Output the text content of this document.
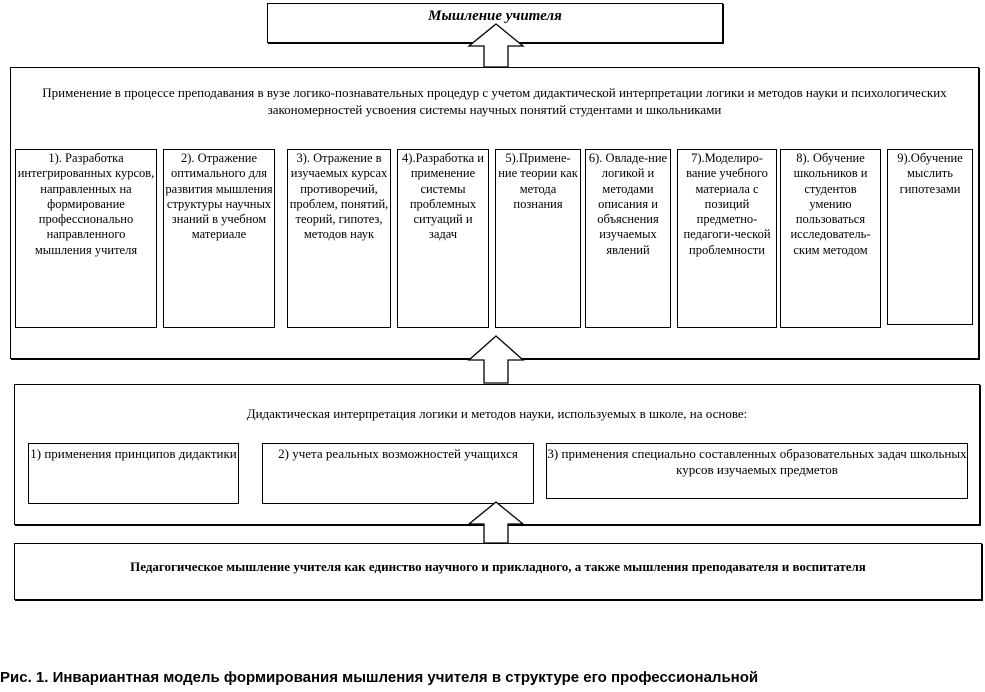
Мышление учителя
Применение в процессе преподавания в вузе логико-познавательных процедур с учетом дидактической интерпретации логики и методов науки и психологических закономерностей усвоения системы научных понятий студентами и школьниками
1). Разработка интегрированных курсов, направленных на формирование профессионально направленного мышления учителя
2). Отражение оптимального для развития мышления структуры научных знаний в учебном материале
3). Отражение в изучаемых курсах противоречий, проблем, понятий, теорий, гипотез, методов наук
4).Разработка и применение системы проблемных ситуаций и задач
5).Примене-ние теории как метода познания
6). Овладе-ние логикой и методами описания и объяснения изучаемых явлений
7).Моделиро-вание учебного материала с позиций предметно-педагоги-ческой проблемности
8). Обучение школьников и студентов умению пользоваться исследователь-ским методом
9).Обучение мыслить гипотезами
Дидактическая интерпретация логики и методов науки, используемых в школе, на основе:
1) применения принципов дидактики	2) учета реальных возможностей учащихся	3) применения специально составленных образовательных задач школьных курсов изучаемых предметов
Педагогическое мышление учителя как единство научного и прикладного, а также мышления преподавателя и воспитателя
Рис. 1. Инвариантная модель формирования мышления учителя в структуре его профессиональной
